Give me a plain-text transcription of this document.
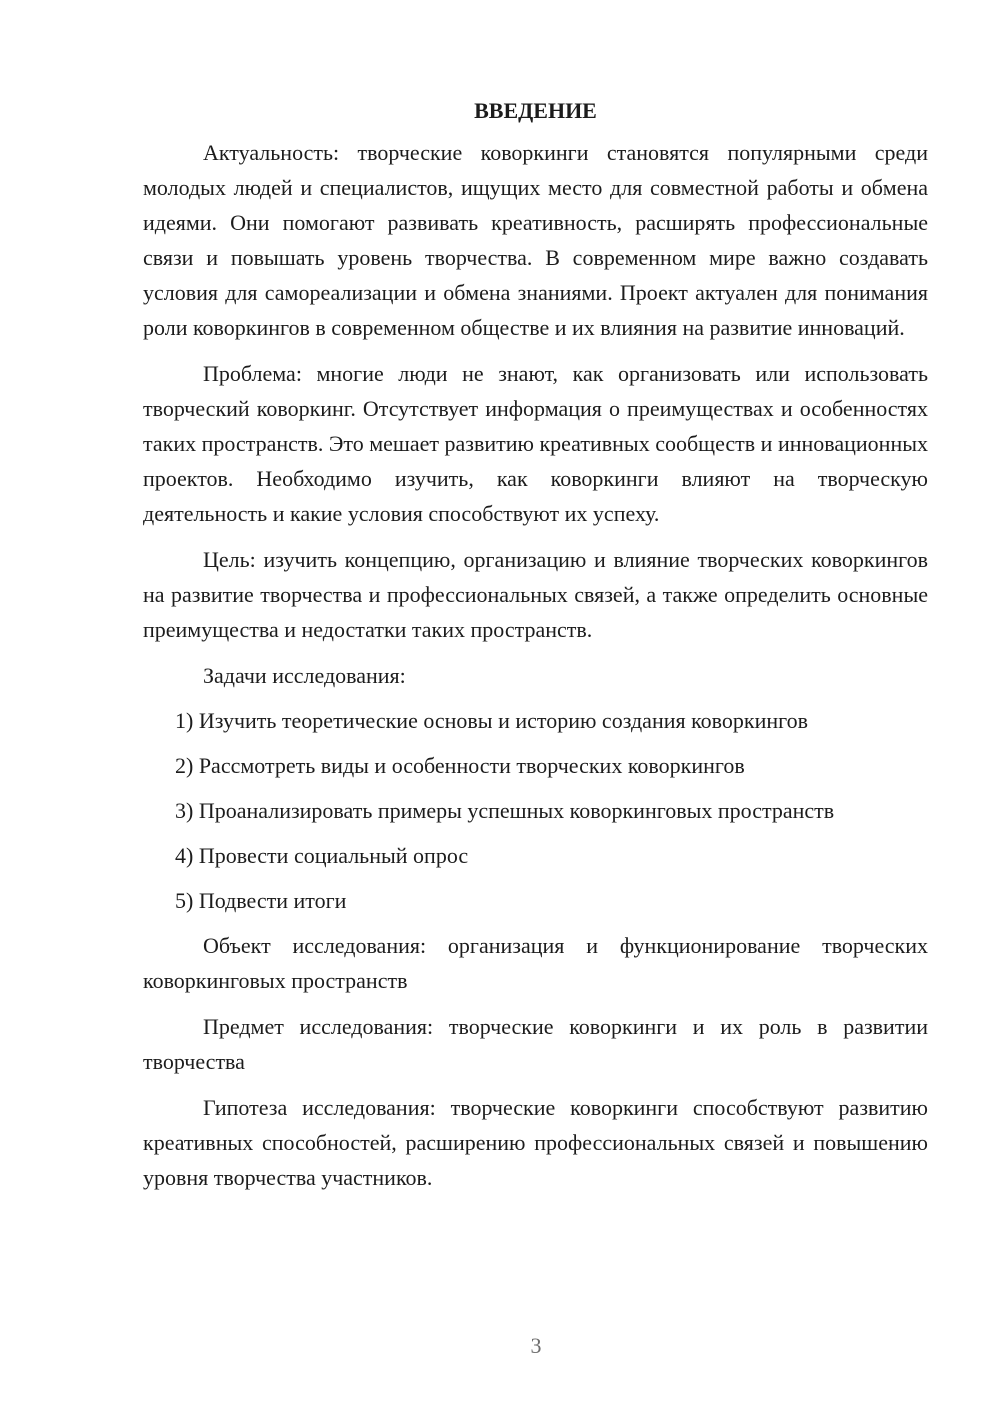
ВВЕДЕНИЕ

Актуальность: творческие коворкинги становятся популярными среди молодых людей и специалистов, ищущих место для совместной работы и обмена идеями. Они помогают развивать креативность, расширять профессиональные связи и повышать уровень творчества. В современном мире важно создавать условия для самореализации и обмена знаниями. Проект актуален для понимания роли коворкингов в современном обществе и их влияния на развитие инноваций.

Проблема: многие люди не знают, как организовать или использовать творческий коворкинг. Отсутствует информация о преимуществах и особенностях таких пространств. Это мешает развитию креативных сообществ и инновационных проектов. Необходимо изучить, как коворкинги влияют на творческую деятельность и какие условия способствуют их успеху.

Цель: изучить концепцию, организацию и влияние творческих коворкингов на развитие творчества и профессиональных связей, а также определить основные преимущества и недостатки таких пространств.

Задачи исследования:
1) Изучить теоретические основы и историю создания коворкингов
2) Рассмотреть виды и особенности творческих коворкингов
3) Проанализировать примеры успешных коворкинговых пространств
4) Провести социальный опрос
5) Подвести итоги

Объект исследования: организация и функционирование творческих коворкинговых пространств

Предмет исследования: творческие коворкинги и их роль в развитии творчества

Гипотеза исследования: творческие коворкинги способствуют развитию креативных способностей, расширению профессиональных связей и повышению уровня творчества участников.

3
